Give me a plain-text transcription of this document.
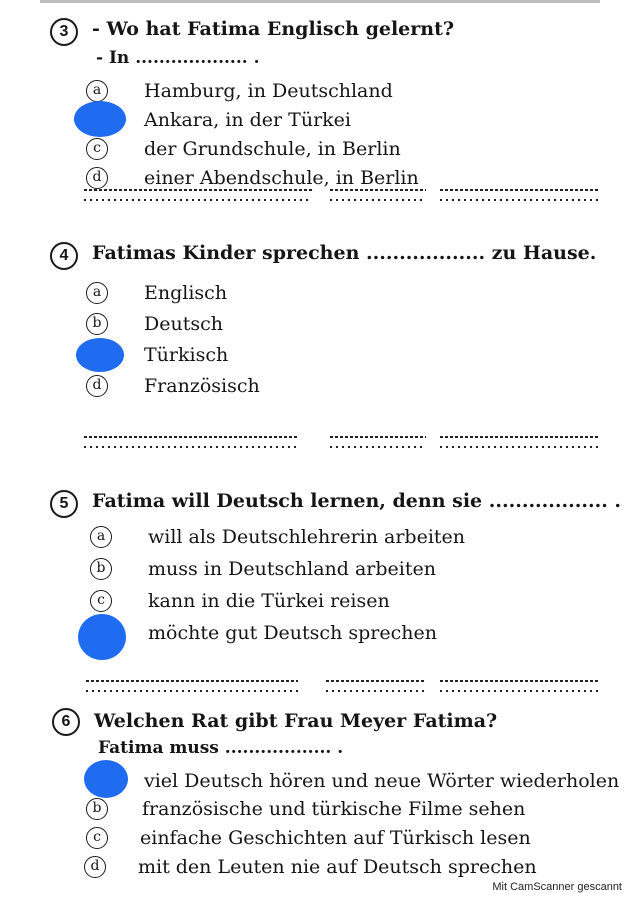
3	- Wo hat Fatima Englisch gelernt?
- In ................... .
a	Hamburg, in Deutschland
Ankara, in der Türkei
c	der Grundschule, in Berlin
d	einer Abendschule, in Berlin
4	Fatimas Kinder sprechen .................. zu Hause.
a	Englisch
b	Deutsch
Türkisch
d	Französisch
5	Fatima will Deutsch lernen, denn sie .................. .
a	will als Deutschlehrerin arbeiten
b	muss in Deutschland arbeiten
c	kann in die Türkei reisen
möchte gut Deutsch sprechen
6	Welchen Rat gibt Frau Meyer Fatima?
Fatima muss .................. .
viel Deutsch hören und neue Wörter wiederholen
b	französische und türkische Filme sehen
c	einfache Geschichten auf Türkisch lesen
d	mit den Leuten nie auf Deutsch sprechen
Mit CamScanner gescannt
